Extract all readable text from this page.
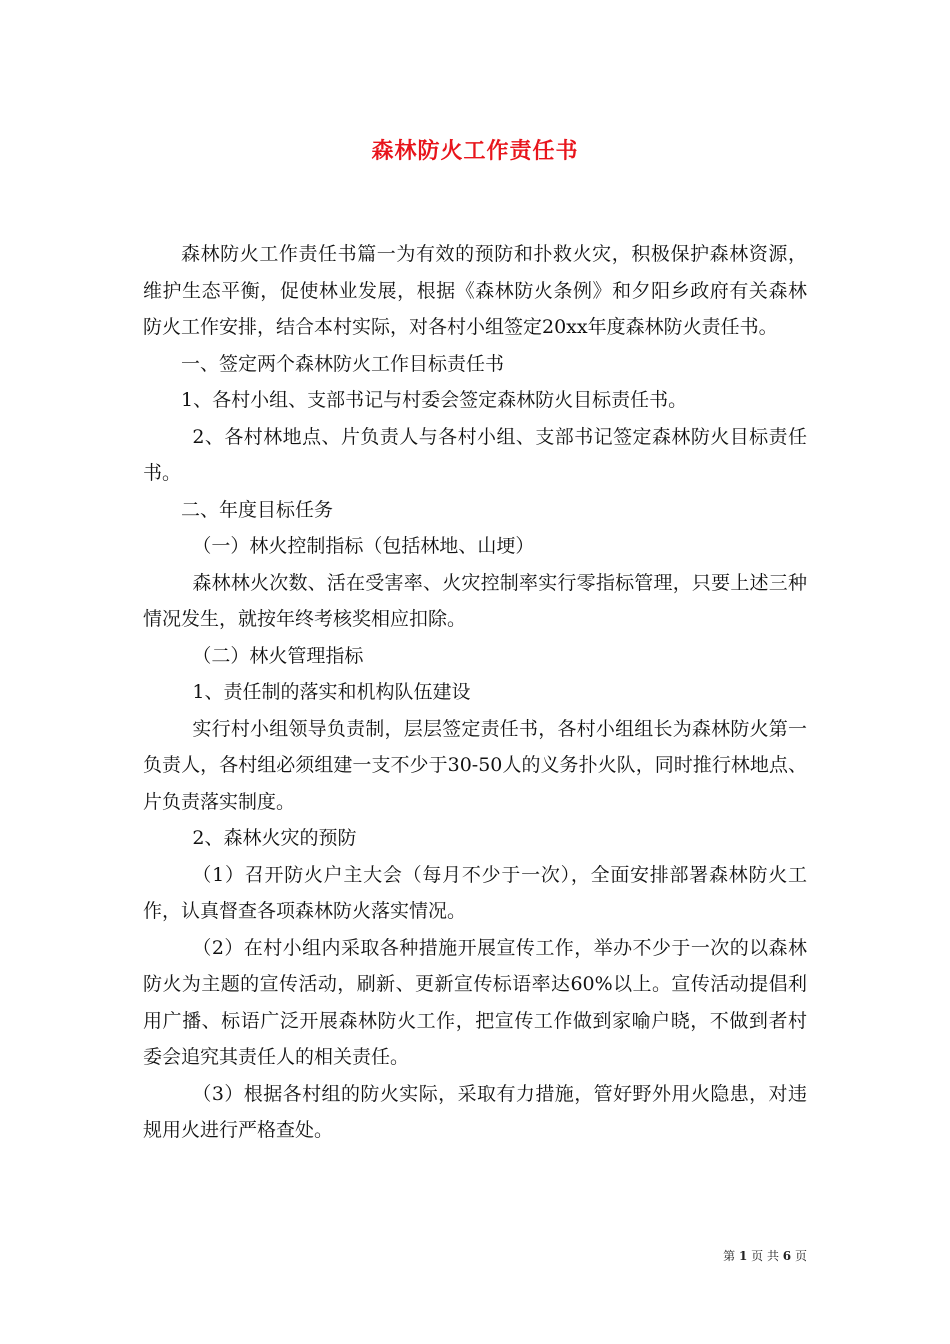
森林防火工作责任书

森林防火工作责任书篇一为有效的预防和扑救火灾，积极保护森林资源，维护生态平衡，促使林业发展，根据《森林防火条例》和夕阳乡政府有关森林防火工作安排，结合本村实际，对各村小组签定20xx年度森林防火责任书。

一、签定两个森林防火工作目标责任书

1、各村小组、支部书记与村委会签定森林防火目标责任书。

2、各村林地点、片负责人与各村小组、支部书记签定森林防火目标责任书。

二、年度目标任务

（一）林火控制指标（包括林地、山埂）

森林林火次数、活在受害率、火灾控制率实行零指标管理，只要上述三种情况发生，就按年终考核奖相应扣除。

（二）林火管理指标

1、责任制的落实和机构队伍建设

实行村小组领导负责制，层层签定责任书，各村小组组长为森林防火第一负责人，各村组必须组建一支不少于30-50人的义务扑火队，同时推行林地点、片负责落实制度。

2、森林火灾的预防

（1）召开防火户主大会（每月不少于一次），全面安排部署森林防火工作，认真督查各项森林防火落实情况。

（2）在村小组内采取各种措施开展宣传工作，举办不少于一次的以森林防火为主题的宣传活动，刷新、更新宣传标语率达60%以上。宣传活动提倡利用广播、标语广泛开展森林防火工作，把宣传工作做到家喻户晓，不做到者村委会追究其责任人的相关责任。

（3）根据各村组的防火实际，采取有力措施，管好野外用火隐患，对违规用火进行严格查处。

第 1 页 共 6 页
